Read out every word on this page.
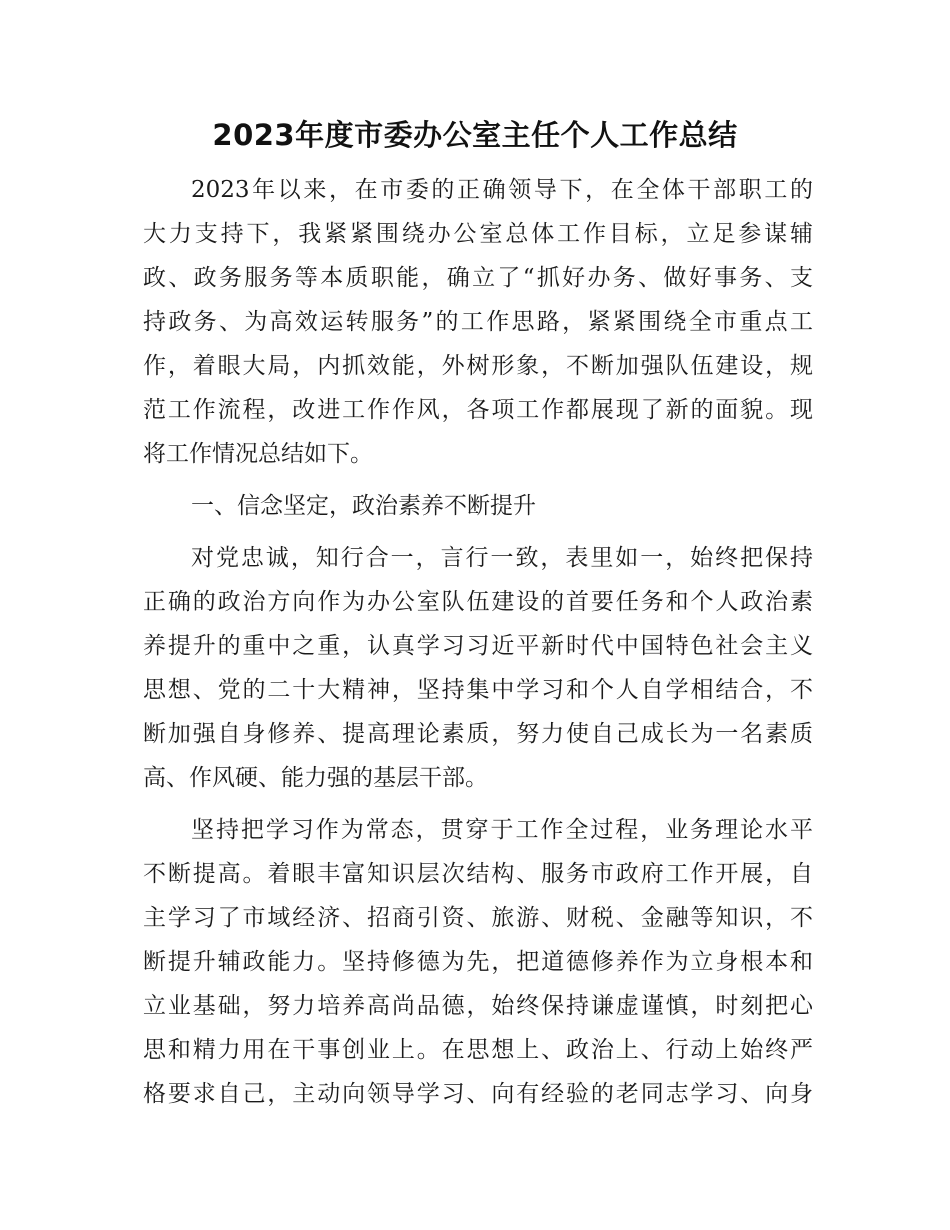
2023年度市委办公室主任个人工作总结
2023年以来，在市委的正确领导下，在全体干部职工的
大力支持下，我紧紧围绕办公室总体工作目标，立足参谋辅
政、政务服务等本质职能，确立了“抓好办务、做好事务、支
持政务、为高效运转服务”的工作思路，紧紧围绕全市重点工
作，着眼大局，内抓效能，外树形象，不断加强队伍建设，规
范工作流程，改进工作作风，各项工作都展现了新的面貌。现
将工作情况总结如下。
一、信念坚定，政治素养不断提升
对党忠诚，知行合一，言行一致，表里如一，始终把保持
正确的政治方向作为办公室队伍建设的首要任务和个人政治素
养提升的重中之重，认真学习习近平新时代中国特色社会主义
思想、党的二十大精神，坚持集中学习和个人自学相结合，不
断加强自身修养、提高理论素质，努力使自己成长为一名素质
高、作风硬、能力强的基层干部。
坚持把学习作为常态，贯穿于工作全过程，业务理论水平
不断提高。着眼丰富知识层次结构、服务市政府工作开展，自
主学习了市域经济、招商引资、旅游、财税、金融等知识，不
断提升辅政能力。坚持修德为先，把道德修养作为立身根本和
立业基础，努力培养高尚品德，始终保持谦虚谨慎，时刻把心
思和精力用在干事创业上。在思想上、政治上、行动上始终严
格要求自己，主动向领导学习、向有经验的老同志学习、向身
